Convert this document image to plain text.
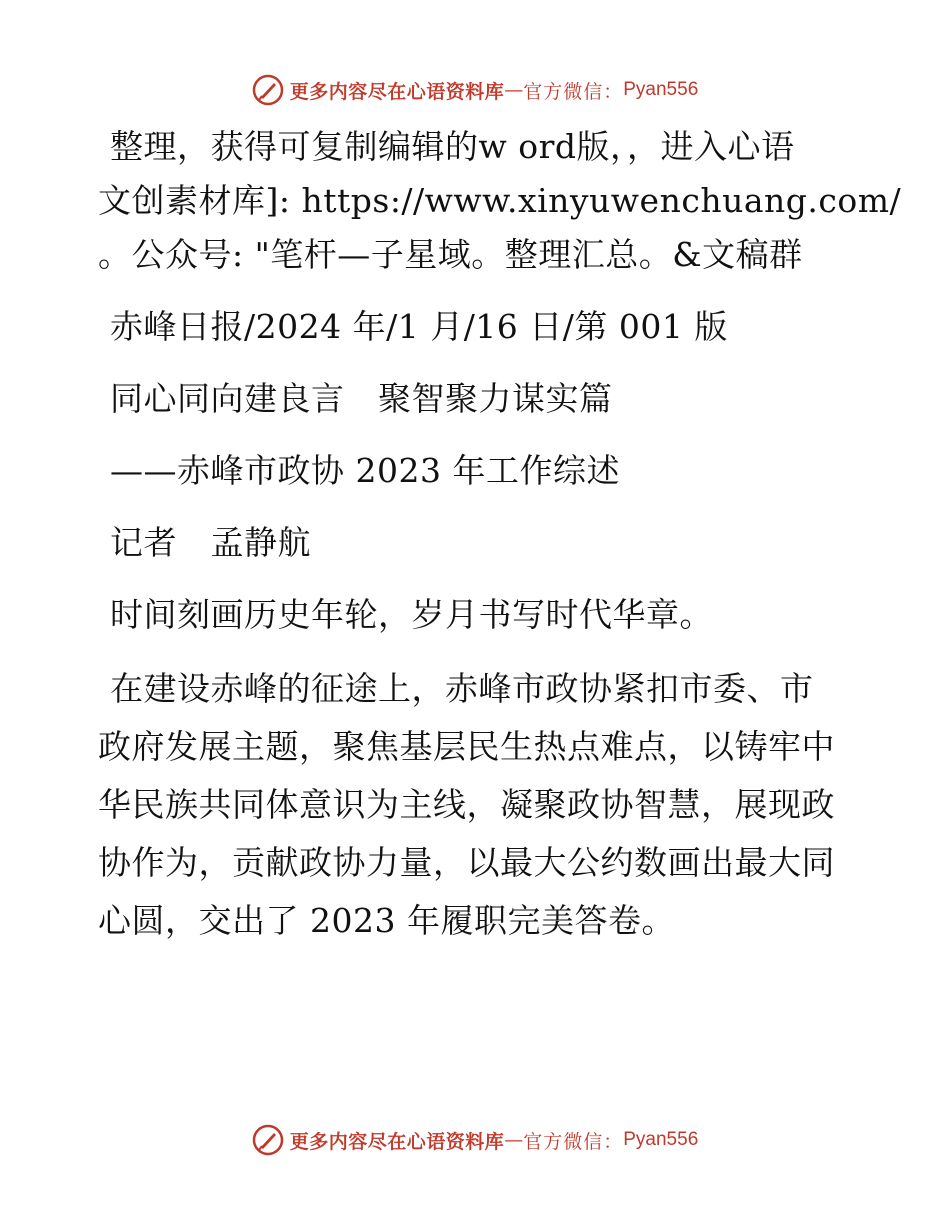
更多内容尽在心语资料库 — 官方微信： Pyan556
整理，获得可复制编辑的w ord版，，进入心语
文创素材库]: https://www.xinyuwenchuang.com/
。公众号: "笔杆—子星域。整理汇总。&文稿群
赤峰日报/2024 年/1 月/16 日/第 001 版
同心同向建良言　聚智聚力谋实篇
——赤峰市政协 2023 年工作综述
记者　孟静航
时间刻画历史年轮，岁月书写时代华章。
在建设赤峰的征途上，赤峰市政协紧扣市委、市
政府发展主题，聚焦基层民生热点难点，以铸牢中
华民族共同体意识为主线，凝聚政协智慧，展现政
协作为，贡献政协力量，以最大公约数画出最大同
心圆，交出了 2023 年履职完美答卷。
更多内容尽在心语资料库 — 官方微信： Pyan556
